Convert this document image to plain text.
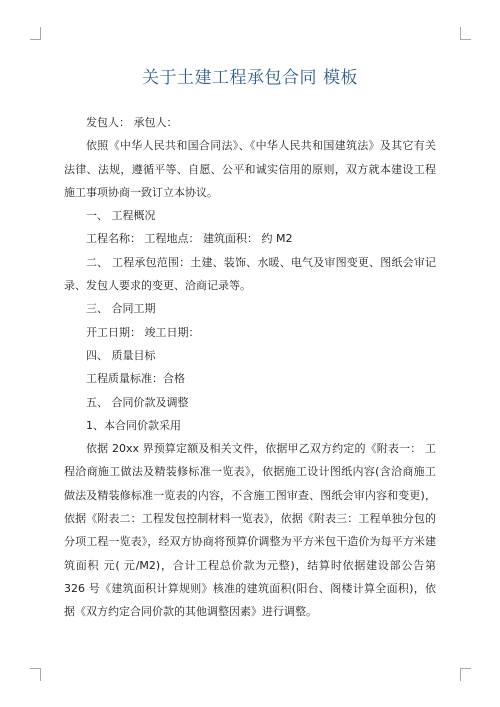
关于土建工程承包合同 模板

发包人： 承包人：

依照《中华人民共和国合同法》、《中华人民共和国建筑法》及其它有关法律、法规，遵循平等、自愿、公平和诚实信用的原则，双方就本建设工程施工事项协商一致订立本协议。

一、 工程概况

工程名称： 工程地点： 建筑面积： 约 M2

二、 工程承包范围：土建、装饰、水暖、电气及审图变更、图纸会审记录、发包人要求的变更、洽商记录等。

三、 合同工期

开工日期： 竣工日期：

四、 质量目标

工程质量标准：合格

五、 合同价款及调整

1、本合同价款采用

依据 20xx 界预算定额及相关文件，依据甲乙双方约定的《附表一： 工程洽商施工做法及精装修标准一览表》，依据施工设计图纸内容(含洽商施工做法及精装修标准一览表的内容，不含施工图审查、图纸会审内容和变更)，依据《附表二：工程发包控制材料一览表》，依据《附表三：工程单独分包的分项工程一览表》，经双方协商将预算价调整为平方米包干造价为每平方米建筑面积 元( 元/M2)，合计工程总价款为元整)，结算时依据建设部公告第 326 号《建筑面积计算规则》核准的建筑面积(阳台、阁楼计算全面积)，依据《双方约定合同价款的其他调整因素》进行调整。
